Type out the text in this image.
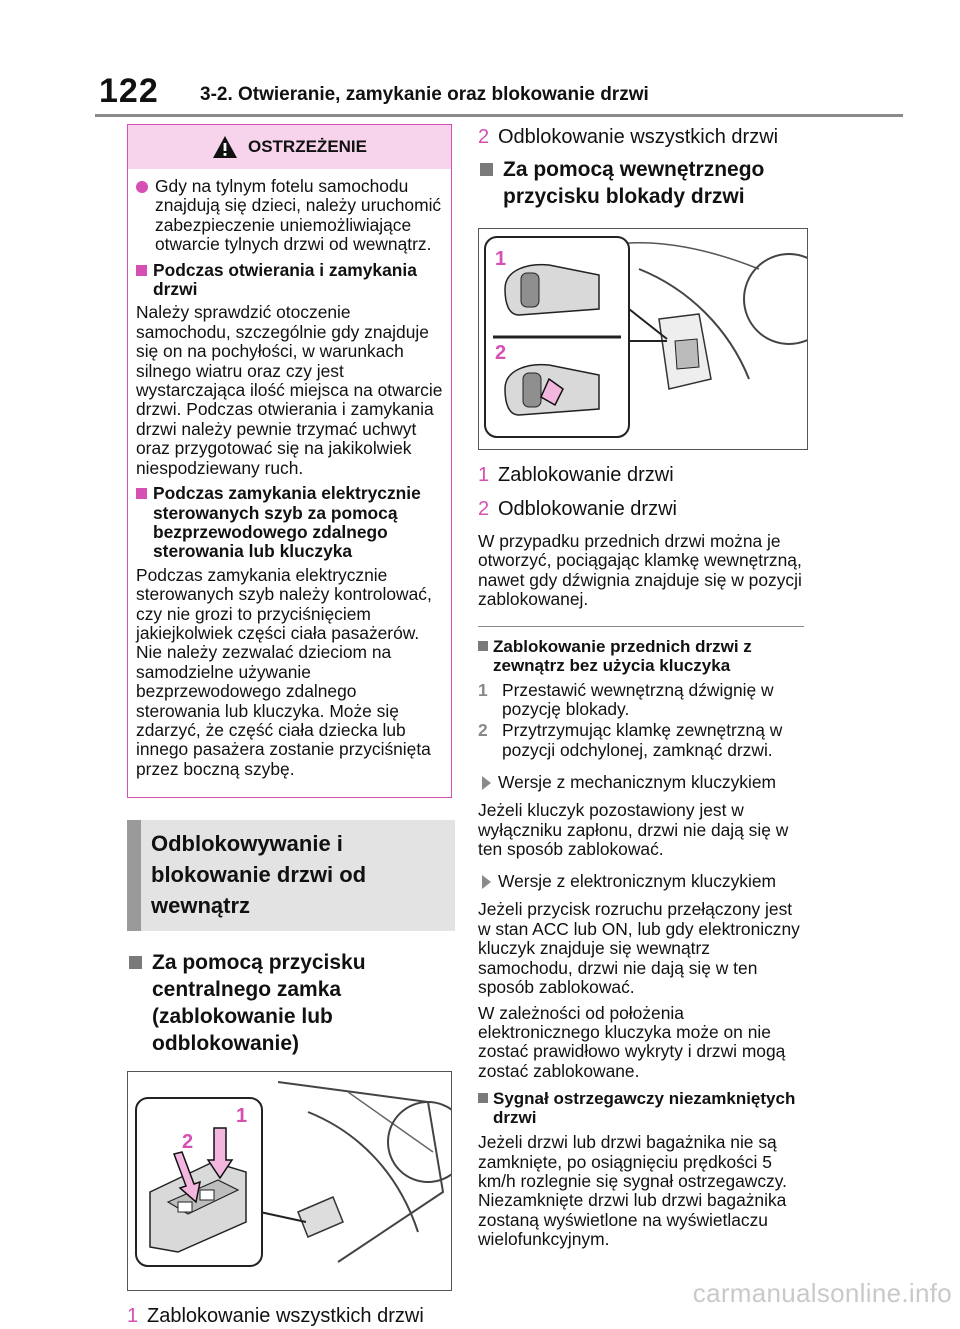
122 3-2. Otwieranie, zamykanie oraz blokowanie drzwi
OSTRZEŻENIE
Gdy na tylnym fotelu samochodu znajdują się dzieci, należy uruchomić zabezpieczenie uniemożliwiające otwarcie tylnych drzwi od wewnątrz.
Podczas otwierania i zamykania drzwi
Należy sprawdzić otoczenie samochodu, szczególnie gdy znajduje się on na pochyłości, w warunkach silnego wiatru oraz czy jest wystarczająca ilość miejsca na otwarcie drzwi. Podczas otwierania i zamykania drzwi należy pewnie trzymać uchwyt oraz przygotować się na jakikolwiek niespodziewany ruch.
Podczas zamykania elektrycznie sterowanych szyb za pomocą bezprzewodowego zdalnego sterowania lub kluczyka
Podczas zamykania elektrycznie sterowanych szyb należy kontrolować, czy nie grozi to przyciśnięciem jakiejkolwiek części ciała pasażerów. Nie należy zezwalać dzieciom na samodzielne używanie bezprzewodowego zdalnego sterowania lub kluczyka. Może się zdarzyć, że część ciała dziecka lub innego pasażera zostanie przyciśnięta przez boczną szybę.
Odblokowywanie i blokowanie drzwi od wewnątrz
Za pomocą przycisku centralnego zamka (zablokowanie lub odblokowanie)
1
2
1 Zablokowanie wszystkich drzwi
2 Odblokowanie wszystkich drzwi
Za pomocą wewnętrznego przycisku blokady drzwi
1
2
1 Zablokowanie drzwi
2 Odblokowanie drzwi
W przypadku przednich drzwi można je otworzyć, pociągając klamkę wewnętrzną, nawet gdy dźwignia znajduje się w pozycji zablokowanej.
Zablokowanie przednich drzwi z zewnątrz bez użycia kluczyka
1 Przestawić wewnętrzną dźwignię w pozycję blokady.
2 Przytrzymując klamkę zewnętrzną w pozycji odchylonej, zamknąć drzwi.
Wersje z mechanicznym kluczykiem
Jeżeli kluczyk pozostawiony jest w wyłączniku zapłonu, drzwi nie dają się w ten sposób zablokować.
Wersje z elektronicznym kluczykiem
Jeżeli przycisk rozruchu przełączony jest w stan ACC lub ON, lub gdy elektroniczny kluczyk znajduje się wewnątrz samochodu, drzwi nie dają się w ten sposób zablokować.
W zależności od położenia elektronicznego kluczyka może on nie zostać prawidłowo wykryty i drzwi mogą zostać zablokowane.
Sygnał ostrzegawczy niezamkniętych drzwi
Jeżeli drzwi lub drzwi bagażnika nie są zamknięte, po osiągnięciu prędkości 5 km/h rozlegnie się sygnał ostrzegawczy. Niezamknięte drzwi lub drzwi bagażnika zostaną wyświetlone na wyświetlaczu wielofunkcyjnym.
carmanualsonline.info
